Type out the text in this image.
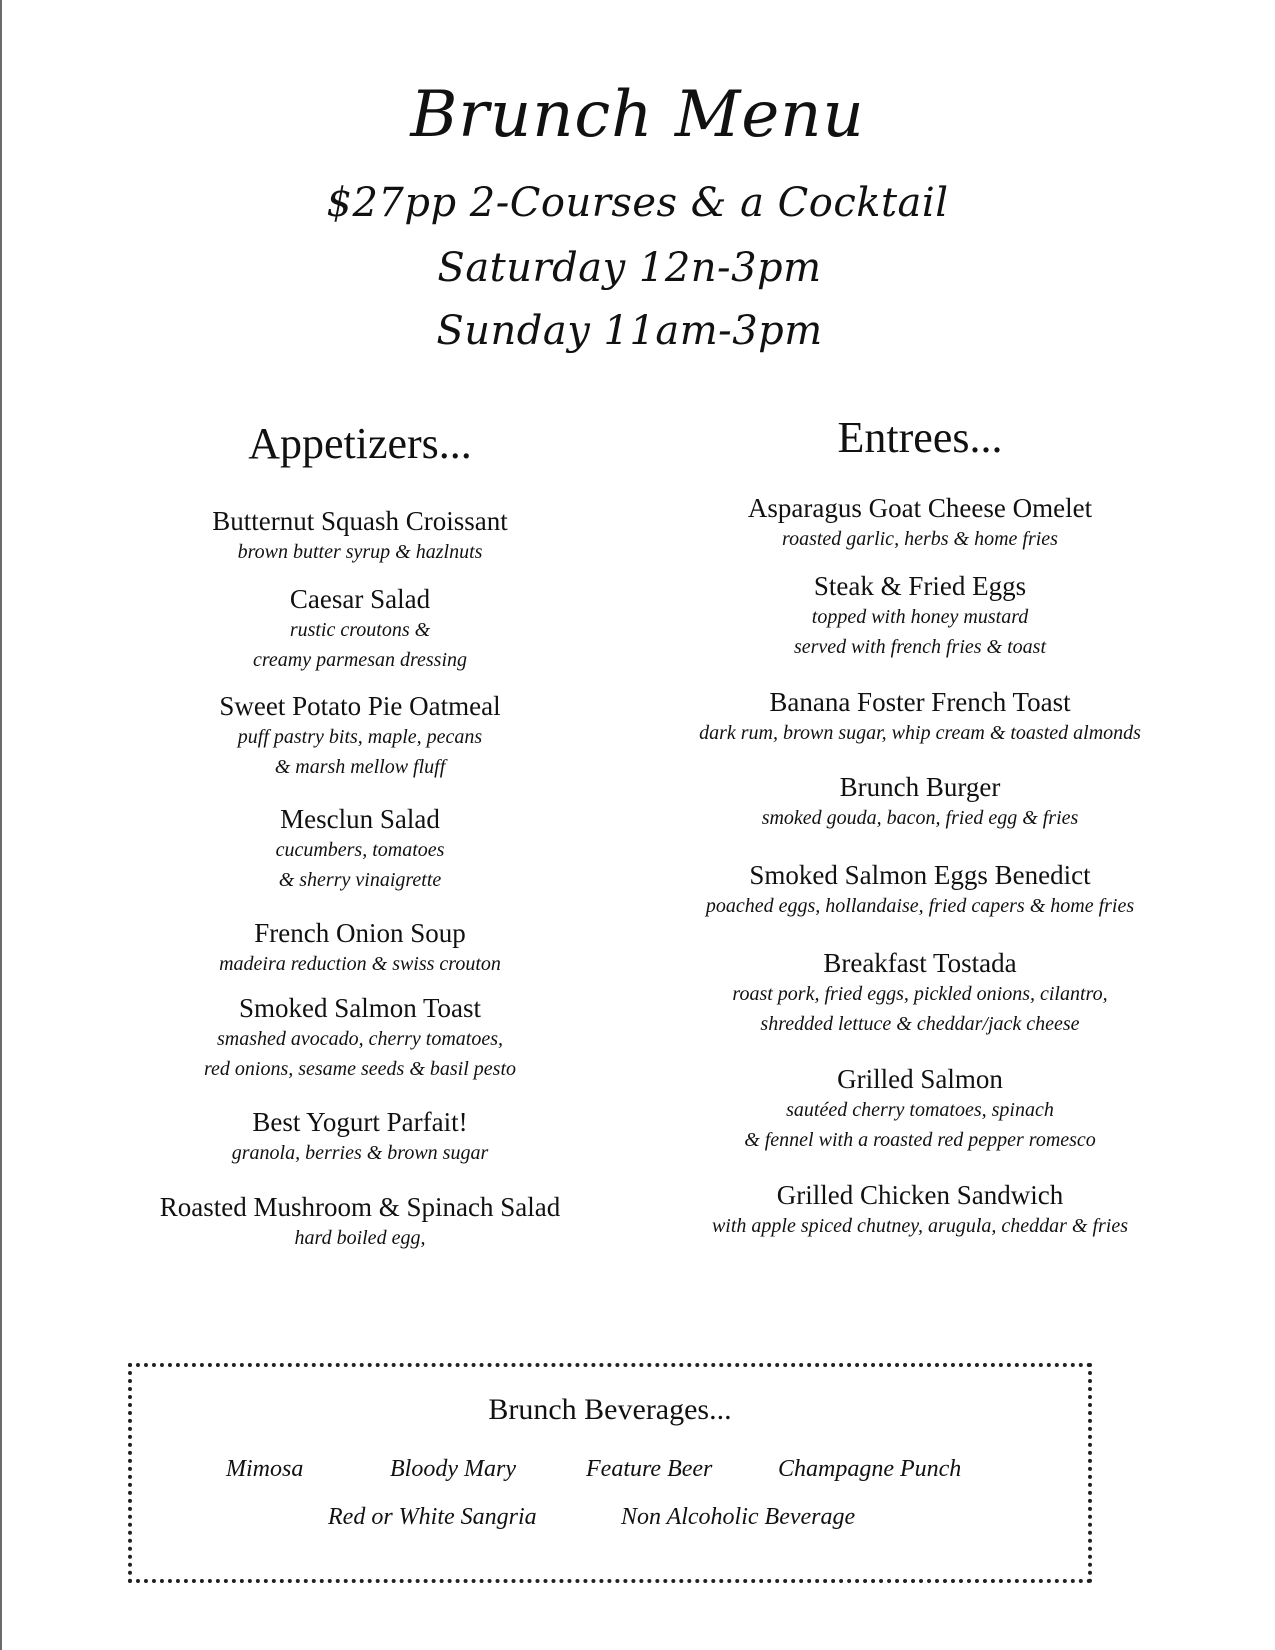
Brunch Menu
$27pp 2-Courses & a Cocktail
Saturday 12n-3pm
Sunday 11am-3pm
Appetizers...	Entrees...
Butternut Squash Croissant
brown butter syrup & hazlnuts
Caesar Salad
rustic croutons &
creamy parmesan dressing
Sweet Potato Pie Oatmeal
puff pastry bits, maple, pecans
& marsh mellow fluff
Mesclun Salad
cucumbers, tomatoes
& sherry vinaigrette
French Onion Soup
madeira reduction & swiss crouton
Smoked Salmon Toast
smashed avocado, cherry tomatoes,
red onions, sesame seeds & basil pesto
Best Yogurt Parfait!
granola, berries & brown sugar
Roasted Mushroom & Spinach Salad
hard boiled egg,
Asparagus Goat Cheese Omelet
roasted garlic, herbs & home fries
Steak & Fried Eggs
topped with honey mustard
served with french fries & toast
Banana Foster French Toast
dark rum, brown sugar, whip cream & toasted almonds
Brunch Burger
smoked gouda, bacon, fried egg & fries
Smoked Salmon Eggs Benedict
poached eggs, hollandaise, fried capers & home fries
Breakfast Tostada
roast pork, fried eggs, pickled onions, cilantro,
shredded lettuce & cheddar/jack cheese
Grilled Salmon
sautéed cherry tomatoes, spinach
& fennel with a roasted red pepper romesco
Grilled Chicken Sandwich
with apple spiced chutney, arugula, cheddar & fries
Brunch Beverages...
Mimosa	Bloody Mary	Feature Beer	Champagne Punch
Red or White Sangria	Non Alcoholic Beverage
